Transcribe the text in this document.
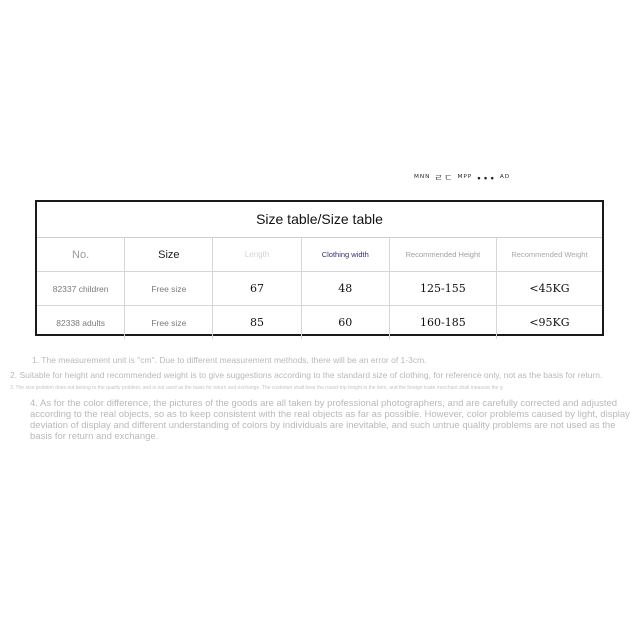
ᴹᴺᴺ ㄹㄷ ᴹᴾᴾ ∙∙∙ ᴬᴰ
Size table/Size table
No.	Size	Length	Clothing width	Recommended Height	Recommended Weight
82337 children	Free size	67	48	125-155	<45KG
82338 adults	Free size	85	60	160-185	<95KG
1. The measurement unit is "cm". Due to different measurement methods, there will be an error of 1-3cm.
2. Suitable for height and recommended weight is to give suggestions according to the standard size of clothing, for reference only, not as the basis for return.
3. The size problem does not belong to the quality problem, and is not used as the basis for return and exchange. The customer shall bear the round-trip freight in the item, and the foreign trade merchant shall measure the g
4. As for the color difference, the pictures of the goods are all taken by professional photographers, and are carefully corrected and adjusted according to the real objects, so as to keep consistent with the real objects as far as possible. However, color problems caused by light, display deviation of display and different understanding of colors by individuals are inevitable, and such untrue quality problems are not used as the basis for return and exchange.
